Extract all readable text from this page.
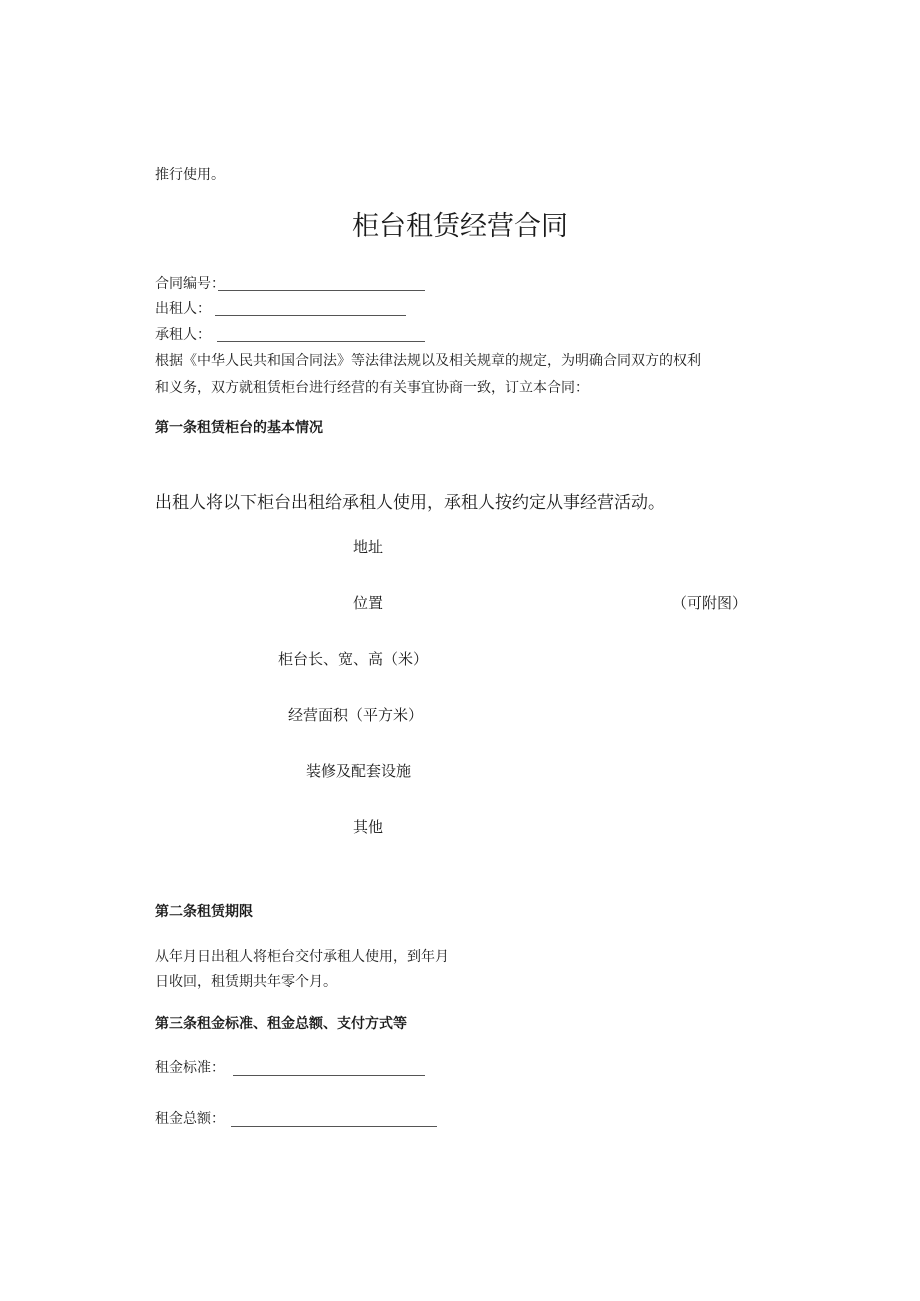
推行使用。
柜台租赁经营合同
合同编号：
出租人：
承租人：
根据《中华人民共和国合同法》等法律法规以及相关规章的规定，为明确合同双方的权利
和义务，双方就租赁柜台进行经营的有关事宜协商一致，订立本合同：
第一条租赁柜台的基本情况
出租人将以下柜台出租给承租人使用，承租人按约定从事经营活动。
地址
位置	（可附图）
柜台长、宽、高（米）
经营面积（平方米）
装修及配套设施
其他
第二条租赁期限
从年月日出租人将柜台交付承租人使用，到年月
日收回，租赁期共年零个月。
第三条租金标准、租金总额、支付方式等
租金标准：
租金总额：
